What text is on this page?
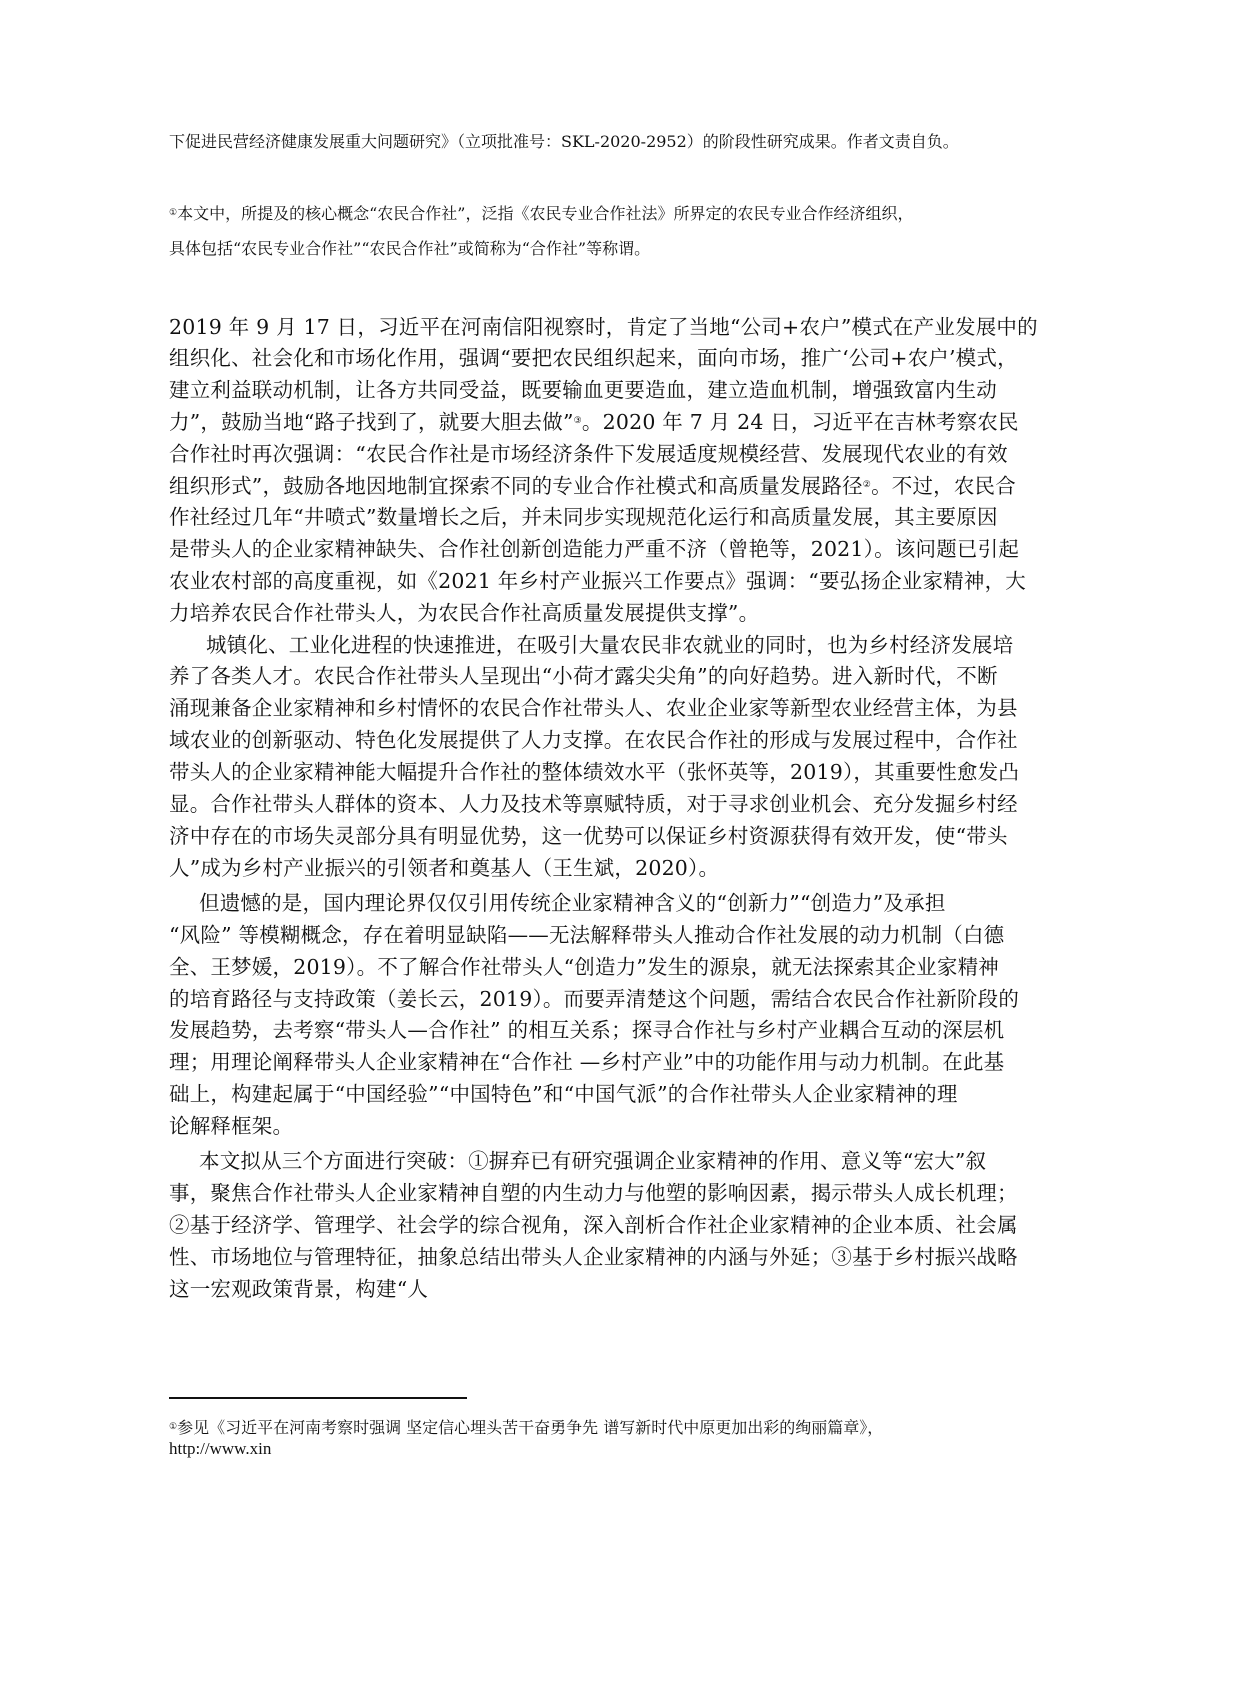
下促进民营经济健康发展重大问题研究》（立项批准号：SKL-2020-2952）的阶段性研究成果。作者文责自负。
①本文中，所提及的核心概念“农民合作社”，泛指《农民专业合作社法》所界定的农民专业合作经济组织，
具体包括“农民专业合作社”“农民合作社”或简称为“合作社”等称谓。
2019 年 9 月 17 日，习近平在河南信阳视察时，肯定了当地“公司+农户”模式在产业发展中的
组织化、社会化和市场化作用，强调“要把农民组织起来，面向市场，推广‘公司+农户’模式，
建立利益联动机制，让各方共同受益，既要输血更要造血，建立造血机制，增强致富内生动
力”，鼓励当地“路子找到了，就要大胆去做”③。2020 年 7 月 24 日，习近平在吉林考察农民
合作社时再次强调：“农民合作社是市场经济条件下发展适度规模经营、发展现代农业的有效
组织形式”，鼓励各地因地制宜探索不同的专业合作社模式和高质量发展路径②。不过，农民合
作社经过几年“井喷式”数量增长之后，并未同步实现规范化运行和高质量发展，其主要原因
是带头人的企业家精神缺失、合作社创新创造能力严重不济（曾艳等，2021）。该问题已引起
农业农村部的高度重视，如《2021 年乡村产业振兴工作要点》强调：“要弘扬企业家精神，大
力培养农民合作社带头人，为农民合作社高质量发展提供支撑”。
城镇化、工业化进程的快速推进，在吸引大量农民非农就业的同时，也为乡村经济发展培
养了各类人才。农民合作社带头人呈现出“小荷才露尖尖角”的向好趋势。进入新时代，不断
涌现兼备企业家精神和乡村情怀的农民合作社带头人、农业企业家等新型农业经营主体，为县
域农业的创新驱动、特色化发展提供了人力支撑。在农民合作社的形成与发展过程中，合作社
带头人的企业家精神能大幅提升合作社的整体绩效水平（张怀英等，2019），其重要性愈发凸
显。合作社带头人群体的资本、人力及技术等禀赋特质，对于寻求创业机会、充分发掘乡村经
济中存在的市场失灵部分具有明显优势，这一优势可以保证乡村资源获得有效开发，使“带头
人”成为乡村产业振兴的引领者和奠基人（王生斌，2020）。
但遗憾的是，国内理论界仅仅引用传统企业家精神含义的“创新力”“创造力”及承担
“风险” 等模糊概念，存在着明显缺陷——无法解释带头人推动合作社发展的动力机制（白德
全、王梦媛，2019）。不了解合作社带头人“创造力”发生的源泉，就无法探索其企业家精神
的培育路径与支持政策（姜长云，2019）。而要弄清楚这个问题，需结合农民合作社新阶段的
发展趋势，去考察“带头人—合作社” 的相互关系；探寻合作社与乡村产业耦合互动的深层机
理；用理论阐释带头人企业家精神在“合作社 —乡村产业”中的功能作用与动力机制。在此基
础上，构建起属于“中国经验”“中国特色”和“中国气派”的合作社带头人企业家精神的理
论解释框架。
本文拟从三个方面进行突破：①摒弃已有研究强调企业家精神的作用、意义等“宏大”叙
事，聚焦合作社带头人企业家精神自塑的内生动力与他塑的影响因素，揭示带头人成长机理；
②基于经济学、管理学、社会学的综合视角，深入剖析合作社企业家精神的企业本质、社会属
性、市场地位与管理特征，抽象总结出带头人企业家精神的内涵与外延；③基于乡村振兴战略
这一宏观政策背景，构建“人
①参见《习近平在河南考察时强调 坚定信心埋头苦干奋勇争先 谱写新时代中原更加出彩的绚丽篇章》，
http://www.xin
